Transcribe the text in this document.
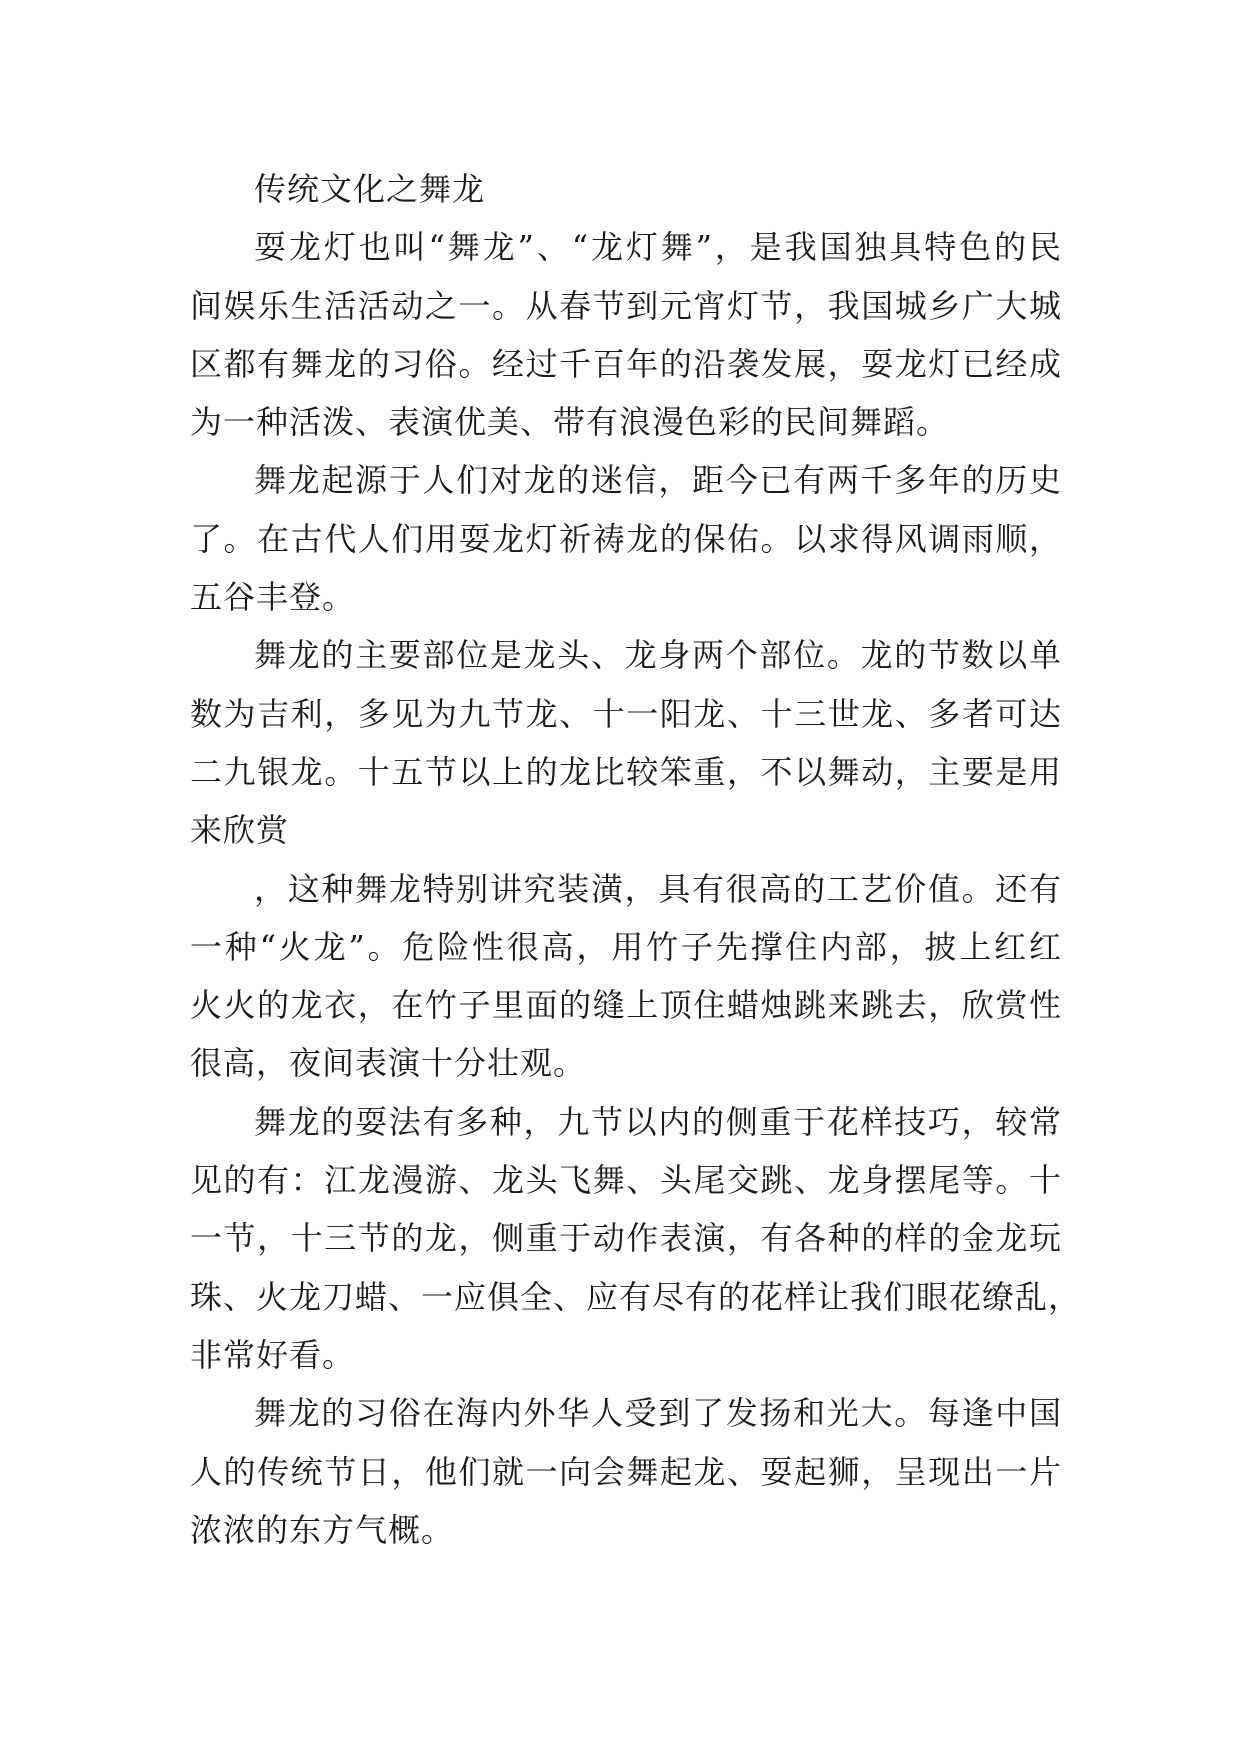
传统文化之舞龙
耍龙灯也叫“舞龙”、“龙灯舞”，是我国独具特色的民
间娱乐生活活动之一。从春节到元宵灯节，我国城乡广大城
区都有舞龙的习俗。经过千百年的沿袭发展，耍龙灯已经成
为一种活泼、表演优美、带有浪漫色彩的民间舞蹈。
舞龙起源于人们对龙的迷信，距今已有两千多年的历史
了。在古代人们用耍龙灯祈祷龙的保佑。以求得风调雨顺，
五谷丰登。
舞龙的主要部位是龙头、龙身两个部位。龙的节数以单
数为吉利，多见为九节龙、十一阳龙、十三世龙、多者可达
二九银龙。十五节以上的龙比较笨重，不以舞动，主要是用
来欣赏
，这种舞龙特别讲究装潢，具有很高的工艺价值。还有
一种“火龙”。危险性很高，用竹子先撑住内部，披上红红
火火的龙衣，在竹子里面的缝上顶住蜡烛跳来跳去，欣赏性
很高，夜间表演十分壮观。
舞龙的耍法有多种，九节以内的侧重于花样技巧，较常
见的有：江龙漫游、龙头飞舞、头尾交跳、龙身摆尾等。十
一节，十三节的龙，侧重于动作表演，有各种的样的金龙玩
珠、火龙刀蜡、一应俱全、应有尽有的花样让我们眼花缭乱，
非常好看。
舞龙的习俗在海内外华人受到了发扬和光大。每逢中国
人的传统节日，他们就一向会舞起龙、耍起狮，呈现出一片
浓浓的东方气概。
